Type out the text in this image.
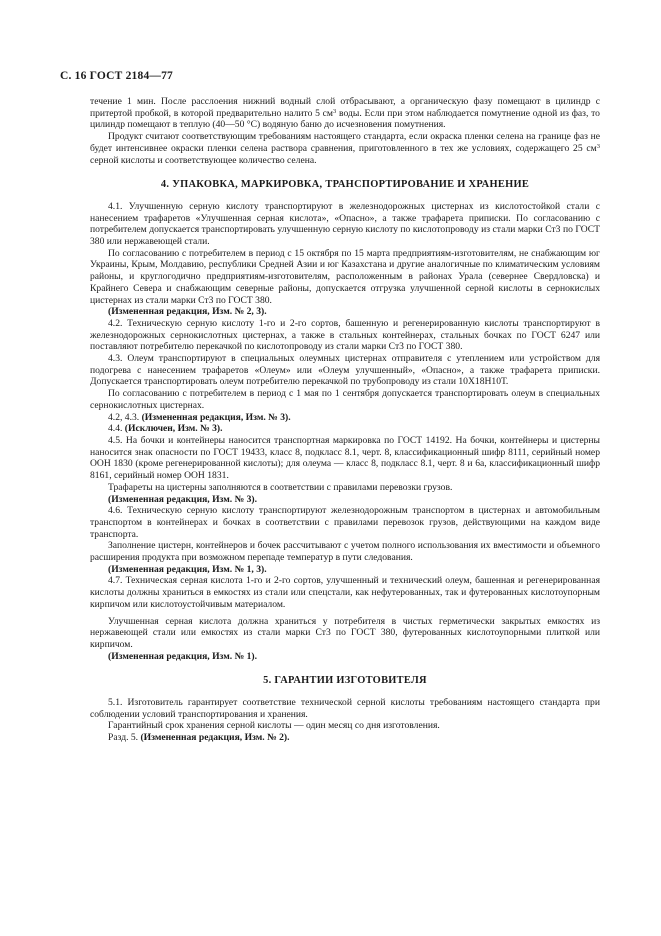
С. 16 ГОСТ 2184—77

течение 1 мин. После расслоения нижний водный слой отбрасывают, а органическую фазу помещают в цилиндр с притертой пробкой, в которой предварительно налито 5 $см^3$ воды. Если при этом наблюдается помутнение одной из фаз, то цилиндр помещают в теплую (40—50 °С) водяную баню до исчезновения помутнения.

Продукт считают соответствующим требованиям настоящего стандарта, если окраска пленки селена на границе фаз не будет интенсивнее окраски пленки селена раствора сравнения, приготовленного в тех же условиях, содержащего 25 $см^3$ серной кислоты и соответствующее количество селена.

4. УПАКОВКА, МАРКИРОВКА, ТРАНСПОРТИРОВАНИЕ И ХРАНЕНИЕ

4.1. Улучшенную серную кислоту транспортируют в железнодорожных цистернах из кислотостойкой стали с нанесением трафаретов «Улучшенная серная кислота», «Опасно», а также трафарета приписки. По согласованию с потребителем допускается транспортировать улучшенную серную кислоту по кислотопроводу из стали марки Ст3 по ГОСТ 380 или нержавеющей стали.

По согласованию с потребителем в период с 15 октября по 15 марта предприятиям-изготовителям, не снабжающим юг Украины, Крым, Молдавию, республики Средней Азии и юг Казахстана и другие аналогичные по климатическим условиям районы, и круглогодично предприятиям-изготовителям, расположенным в районах Урала (севернее Свердловска) и Крайнего Севера и снабжающим северные районы, допускается отгрузка улучшенной серной кислоты в сернокислых цистернах из стали марки Ст3 по ГОСТ 380.

(Измененная редакция, Изм. № 2, 3).

4.2. Техническую серную кислоту 1-го и 2-го сортов, башенную и регенерированную кислоты транспортируют в железнодорожных сернокислотных цистернах, а также в стальных контейнерах, стальных бочках по ГОСТ 6247 или поставляют потребителю перекачкой по кислотопроводу из стали марки Ст3 по ГОСТ 380.

4.3. Олеум транспортируют в специальных олеумных цистернах отправителя с утеплением или устройством для подогрева с нанесением трафаретов «Олеум» или «Олеум улучшенный», «Опасно», а также трафарета приписки. Допускается транспортировать олеум потребителю перекачкой по трубопроводу из стали 10Х18Н10Т.

По согласованию с потребителем в период с 1 мая по 1 сентября допускается транспортировать олеум в специальных сернокислотных цистернах.

4.2, 4.3. (Измененная редакция, Изм. № 3).

4.4. (Исключен, Изм. № 3).

4.5. На бочки и контейнеры наносится транспортная маркировка по ГОСТ 14192. На бочки, контейнеры и цистерны наносится знак опасности по ГОСТ 19433, класс 8, подкласс 8.1, черт. 8, классификационный шифр 8111, серийный номер ООН 1830 (кроме регенерированной кислоты); для олеума — класс 8, подкласс 8.1, черт. 8 и 6а, классификационный шифр 8161, серийный номер ООН 1831.

Трафареты на цистерны заполняются в соответствии с правилами перевозки грузов.

(Измененная редакция, Изм. № 3).

4.6. Техническую серную кислоту транспортируют железнодорожным транспортом в цистернах и автомобильным транспортом в контейнерах и бочках в соответствии с правилами перевозок грузов, действующими на каждом виде транспорта.

Заполнение цистерн, контейнеров и бочек рассчитывают с учетом полного использования их вместимости и объемного расширения продукта при возможном перепаде температур в пути следования.

(Измененная редакция, Изм. № 1, 3).

4.7. Техническая серная кислота 1-го и 2-го сортов, улучшенный и технический олеум, башенная и регенерированная кислоты должны храниться в емкостях из стали или спецстали, как нефутерованных, так и футерованных кислотоупорным кирпичом или кислотоустойчивым материалом.

Улучшенная серная кислота должна храниться у потребителя в чистых герметически закрытых емкостях из нержавеющей стали или емкостях из стали марки Ст3 по ГОСТ 380, футерованных кислотоупорными плиткой или кирпичом.

(Измененная редакция, Изм. № 1).

5. ГАРАНТИИ ИЗГОТОВИТЕЛЯ

5.1. Изготовитель гарантирует соответствие технической серной кислоты требованиям настоящего стандарта при соблюдении условий транспортирования и хранения.

Гарантийный срок хранения серной кислоты — один месяц со дня изготовления.

Разд. 5. (Измененная редакция, Изм. № 2).
